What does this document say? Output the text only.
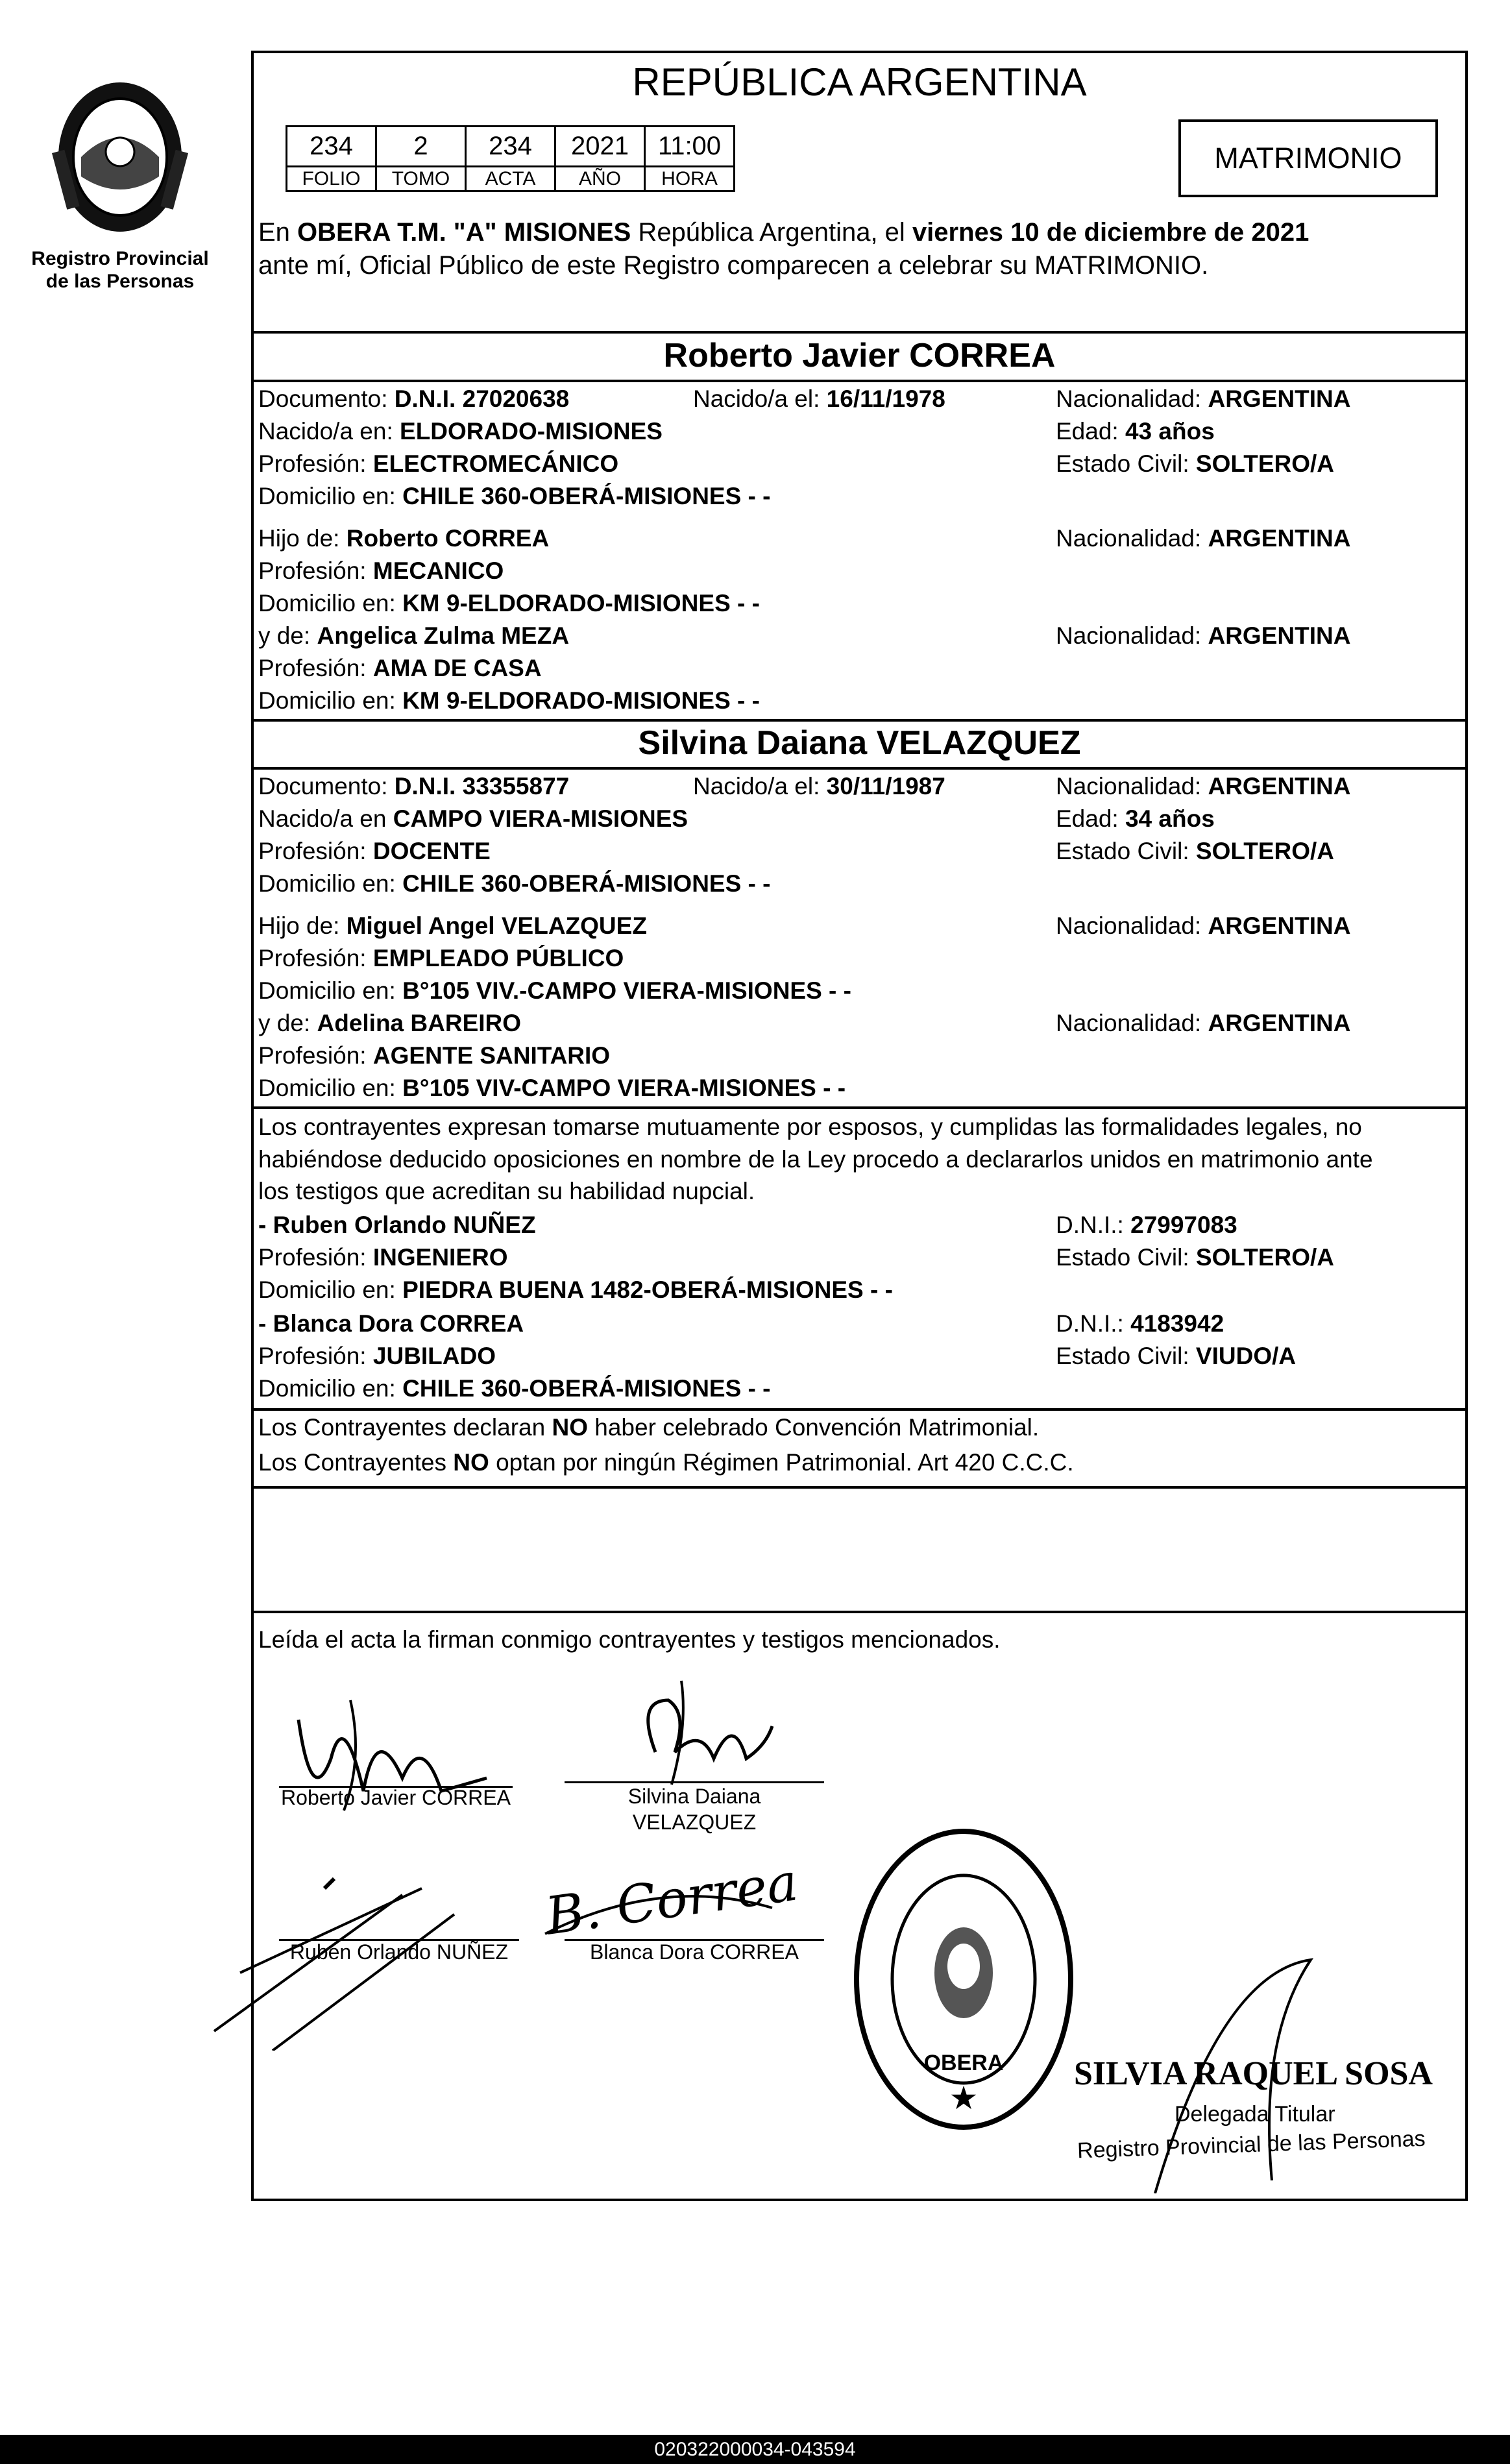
Registro Provincial
de las Personas
REPÚBLICA ARGENTINA
234	2	234	2021	11:00
FOLIO	TOMO	ACTA	AÑO	HORA
MATRIMONIO
En OBERA T.M. "A" MISIONES República Argentina, el viernes 10 de diciembre de 2021
ante mí, Oficial Público de este Registro comparecen a celebrar su MATRIMONIO.
Roberto Javier CORREA
Documento: D.N.I. 27020638	Nacido/a el: 16/11/1978	Nacionalidad: ARGENTINA
Nacido/a en: ELDORADO-MISIONES	Edad: 43 años
Profesión: ELECTROMECÁNICO	Estado Civil: SOLTERO/A
Domicilio en: CHILE 360-OBERÁ-MISIONES - -
Hijo de: Roberto CORREA	Nacionalidad: ARGENTINA
Profesión: MECANICO
Domicilio en: KM 9-ELDORADO-MISIONES - -
y de: Angelica Zulma MEZA	Nacionalidad: ARGENTINA
Profesión: AMA DE CASA
Domicilio en: KM 9-ELDORADO-MISIONES - -
Silvina Daiana VELAZQUEZ
Documento: D.N.I. 33355877	Nacido/a el: 30/11/1987	Nacionalidad: ARGENTINA
Nacido/a en CAMPO VIERA-MISIONES	Edad: 34 años
Profesión: DOCENTE	Estado Civil: SOLTERO/A
Domicilio en: CHILE 360-OBERÁ-MISIONES - -
Hijo de: Miguel Angel VELAZQUEZ	Nacionalidad: ARGENTINA
Profesión: EMPLEADO PÚBLICO
Domicilio en: B°105 VIV.-CAMPO VIERA-MISIONES - -
y de: Adelina BAREIRO	Nacionalidad: ARGENTINA
Profesión: AGENTE SANITARIO
Domicilio en: B°105 VIV-CAMPO VIERA-MISIONES - -
Los contrayentes expresan tomarse mutuamente por esposos, y cumplidas las formalidades legales, no
habiéndose deducido oposiciones en nombre de la Ley procedo a declararlos unidos en matrimonio ante
los testigos que acreditan su habilidad nupcial.
- Ruben Orlando NUÑEZ	D.N.I.: 27997083
Profesión: INGENIERO	Estado Civil: SOLTERO/A
Domicilio en: PIEDRA BUENA 1482-OBERÁ-MISIONES - -
- Blanca Dora CORREA	D.N.I.: 4183942
Profesión: JUBILADO	Estado Civil: VIUDO/A
Domicilio en: CHILE 360-OBERÁ-MISIONES - -
Los Contrayentes declaran NO haber celebrado Convención Matrimonial.
Los Contrayentes NO optan por ningún Régimen Patrimonial. Art 420 C.C.C.
Leída el acta la firman conmigo contrayentes y testigos mencionados.
Roberto Javier CORREA	Silvina Daiana
VELAZQUEZ
Ruben Orlando NUÑEZ
B. Correa
Blanca Dora CORREA
★
OBERA SILVIA RAQUEL SOSA
Delegada Titular
Registro Provincial de las Personas
020322000034-043594
